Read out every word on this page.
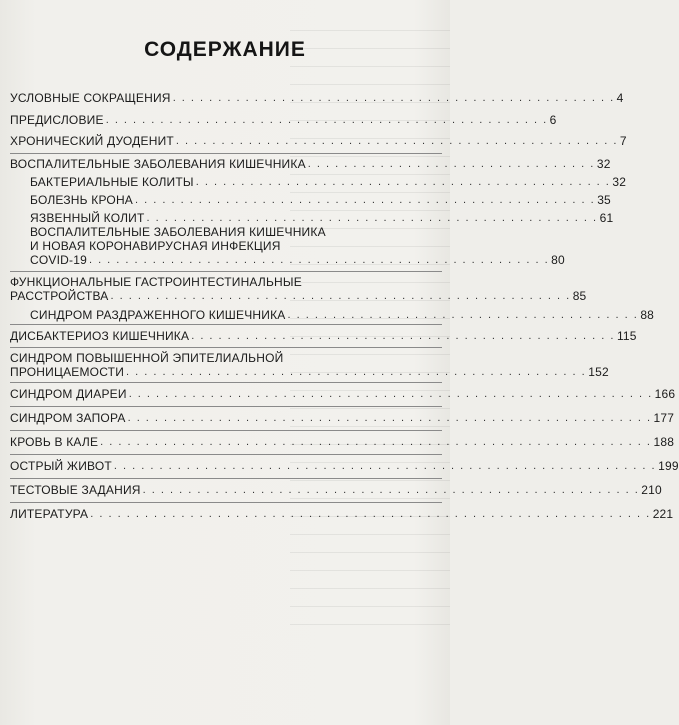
СОДЕРЖАНИЕ
УСЛОВНЫЕ СОКРАЩЕНИЯ . . . . . . . . . . . . . . . . . . . . . . . . . . . . . . . . . . . . . . . . . . . . . . . . . 4
ПРЕДИСЛОВИЕ . . . . . . . . . . . . . . . . . . . . . . . . . . . . . . . . . . . . . . . . . . . . . . . . . 6
ХРОНИЧЕСКИЙ ДУОДЕНИТ . . . . . . . . . . . . . . . . . . . . . . . . . . . . . . . . . . . . . . . . . . . . . . . . . 7
ВОСПАЛИТЕЛЬНЫЕ ЗАБОЛЕВАНИЯ КИШЕЧНИКА . . . . . . . . . . . . . . . . . . . . . . . . . . . . . . . . 32
БАКТЕРИАЛЬНЫЕ КОЛИТЫ . . . . . . . . . . . . . . . . . . . . . . . . . . . . . . . . . . . . . . . . . . . . . . 32
БОЛЕЗНЬ КРОНА . . . . . . . . . . . . . . . . . . . . . . . . . . . . . . . . . . . . . . . . . . . . . . . . . . . 35
ЯЗВЕННЫЙ КОЛИТ . . . . . . . . . . . . . . . . . . . . . . . . . . . . . . . . . . . . . . . . . . . . . . . . . . 61
ВОСПАЛИТЕЛЬНЫЕ ЗАБОЛЕВАНИЯ КИШЕЧНИКА
И НОВАЯ КОРОНАВИРУСНАЯ ИНФЕКЦИЯ
COVID-19 . . . . . . . . . . . . . . . . . . . . . . . . . . . . . . . . . . . . . . . . . . . . . . . . . . . 80
ФУНКЦИОНАЛЬНЫЕ ГАСТРОИНТЕСТИНАЛЬНЫЕ
РАССТРОЙСТВА . . . . . . . . . . . . . . . . . . . . . . . . . . . . . . . . . . . . . . . . . . . . . . . . . . . 85
СИНДРОМ РАЗДРАЖЕННОГО КИШЕЧНИКА . . . . . . . . . . . . . . . . . . . . . . . . . . . . . . . . . . . . . . . 88
ДИСБАКТЕРИОЗ КИШЕЧНИКА . . . . . . . . . . . . . . . . . . . . . . . . . . . . . . . . . . . . . . . . . . . . . . . 115
СИНДРОМ ПОВЫШЕННОЙ ЭПИТЕЛИАЛЬНОЙ
ПРОНИЦАЕМОСТИ . . . . . . . . . . . . . . . . . . . . . . . . . . . . . . . . . . . . . . . . . . . . . . . . . . . 152
СИНДРОМ ДИАРЕИ . . . . . . . . . . . . . . . . . . . . . . . . . . . . . . . . . . . . . . . . . . . . . . . . . . . . . . . . . . 166
СИНДРОМ ЗАПОРА . . . . . . . . . . . . . . . . . . . . . . . . . . . . . . . . . . . . . . . . . . . . . . . . . . . . . . . . . . 177
КРОВЬ В КАЛЕ . . . . . . . . . . . . . . . . . . . . . . . . . . . . . . . . . . . . . . . . . . . . . . . . . . . . . . . . . . . . . 188
ОСТРЫЙ ЖИВОТ . . . . . . . . . . . . . . . . . . . . . . . . . . . . . . . . . . . . . . . . . . . . . . . . . . . . . . . . . . . . 199
ТЕСТОВЫЕ ЗАДАНИЯ . . . . . . . . . . . . . . . . . . . . . . . . . . . . . . . . . . . . . . . . . . . . . . . . . . . . . . . 210
ЛИТЕРАТУРА . . . . . . . . . . . . . . . . . . . . . . . . . . . . . . . . . . . . . . . . . . . . . . . . . . . . . . . . . . . . . . 221
